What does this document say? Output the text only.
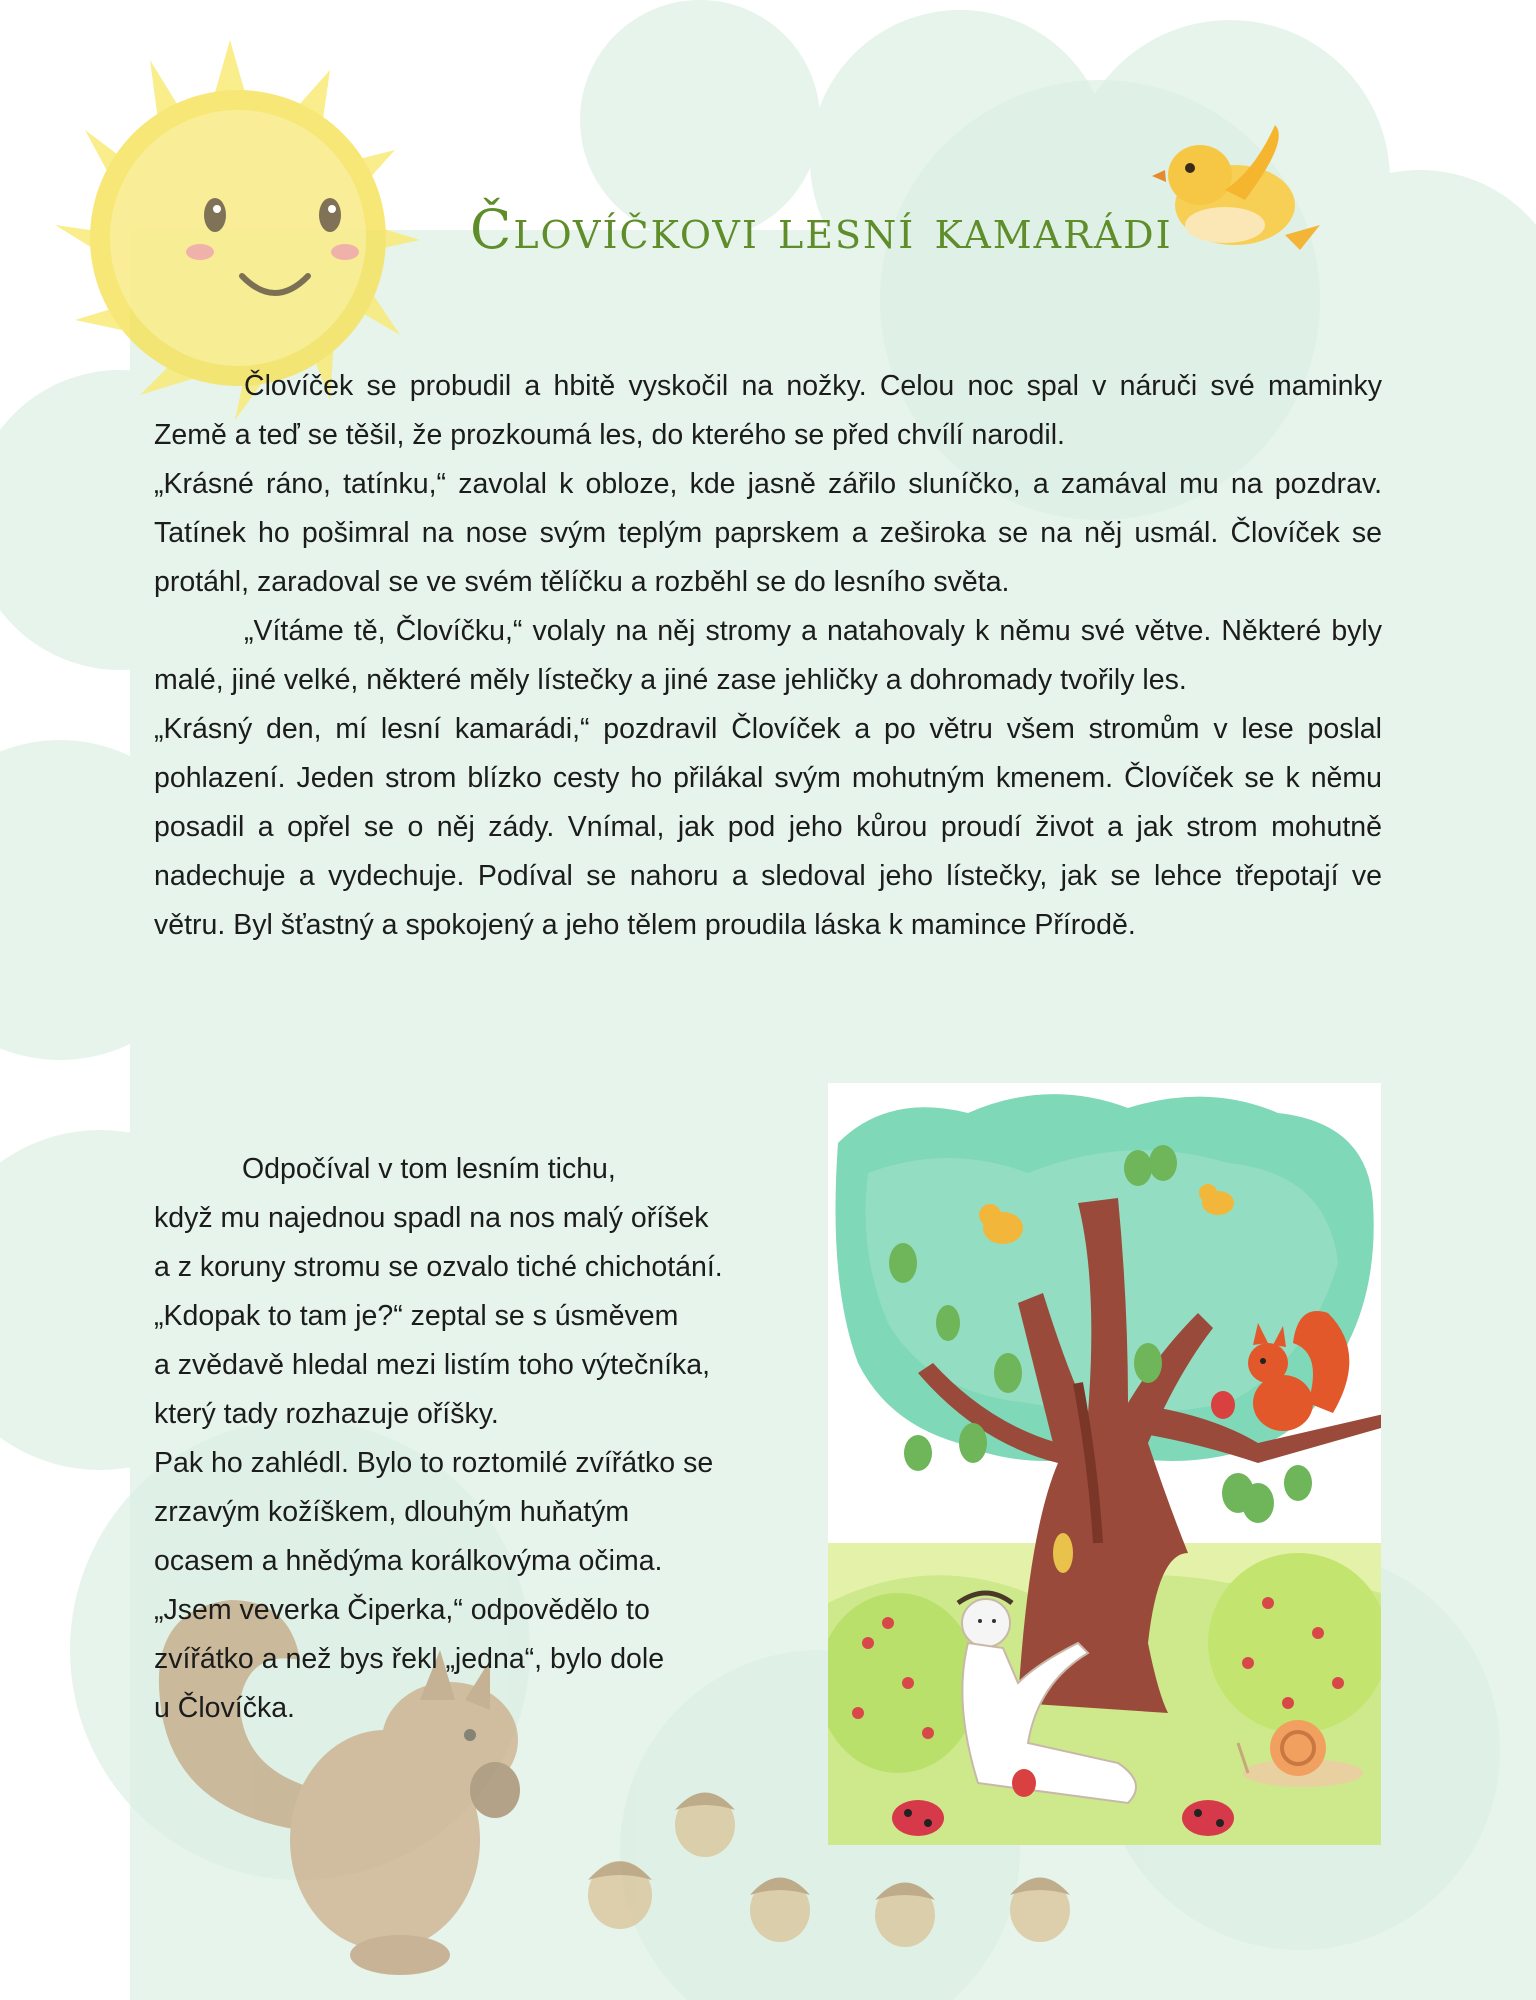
Človíčkovi lesní kamarádi

Človíček se probudil a hbitě vyskočil na nožky. Celou noc spal v náruči své maminky Země a teď se těšil, že prozkoumá les, do kterého se před chvílí narodil.

„Krásné ráno, tatínku,“ zavolal k obloze, kde jasně zářilo sluníčko, a zamával mu na pozdrav. Tatínek ho pošimral na nose svým teplým paprskem a zeširoka se na něj usmál. Človíček se protáhl, zaradoval se ve svém tělíčku a rozběhl se do lesního světa.

„Vítáme tě, Človíčku,“ volaly na něj stromy a natahovaly k němu své větve. Některé byly malé, jiné velké, některé měly lístečky a jiné zase jehličky a dohromady tvořily les.

„Krásný den, mí lesní kamarádi,“ pozdravil Človíček a po větru všem stromům v lese poslal pohlazení. Jeden strom blízko cesty ho přilákal svým mohutným kmenem. Človíček se k němu posadil a opřel se o něj zády. Vnímal, jak pod jeho kůrou proudí život a jak strom mohutně nadechuje a vydechuje. Podíval se nahoru a sledoval jeho lístečky, jak se lehce třepotají ve větru. Byl šťastný a spokojený a jeho tělem proudila láska k mamince Přírodě.

Odpočíval v tom lesním tichu,
když mu najednou spadl na nos malý oříšek
a z koruny stromu se ozvalo tiché chichotání.
„Kdopak to tam je?“ zeptal se s úsměvem
a zvědavě hledal mezi listím toho výtečníka,
který tady rozhazuje oříšky.
Pak ho zahlédl. Bylo to roztomilé zvířátko se
zrzavým kožíškem, dlouhým huňatým
ocasem a hnědýma korálkovýma očima.
„Jsem veverka Čiperka,“ odpovědělo to
zvířátko a než bys řekl „jedna“, bylo dole
u Človíčka.
